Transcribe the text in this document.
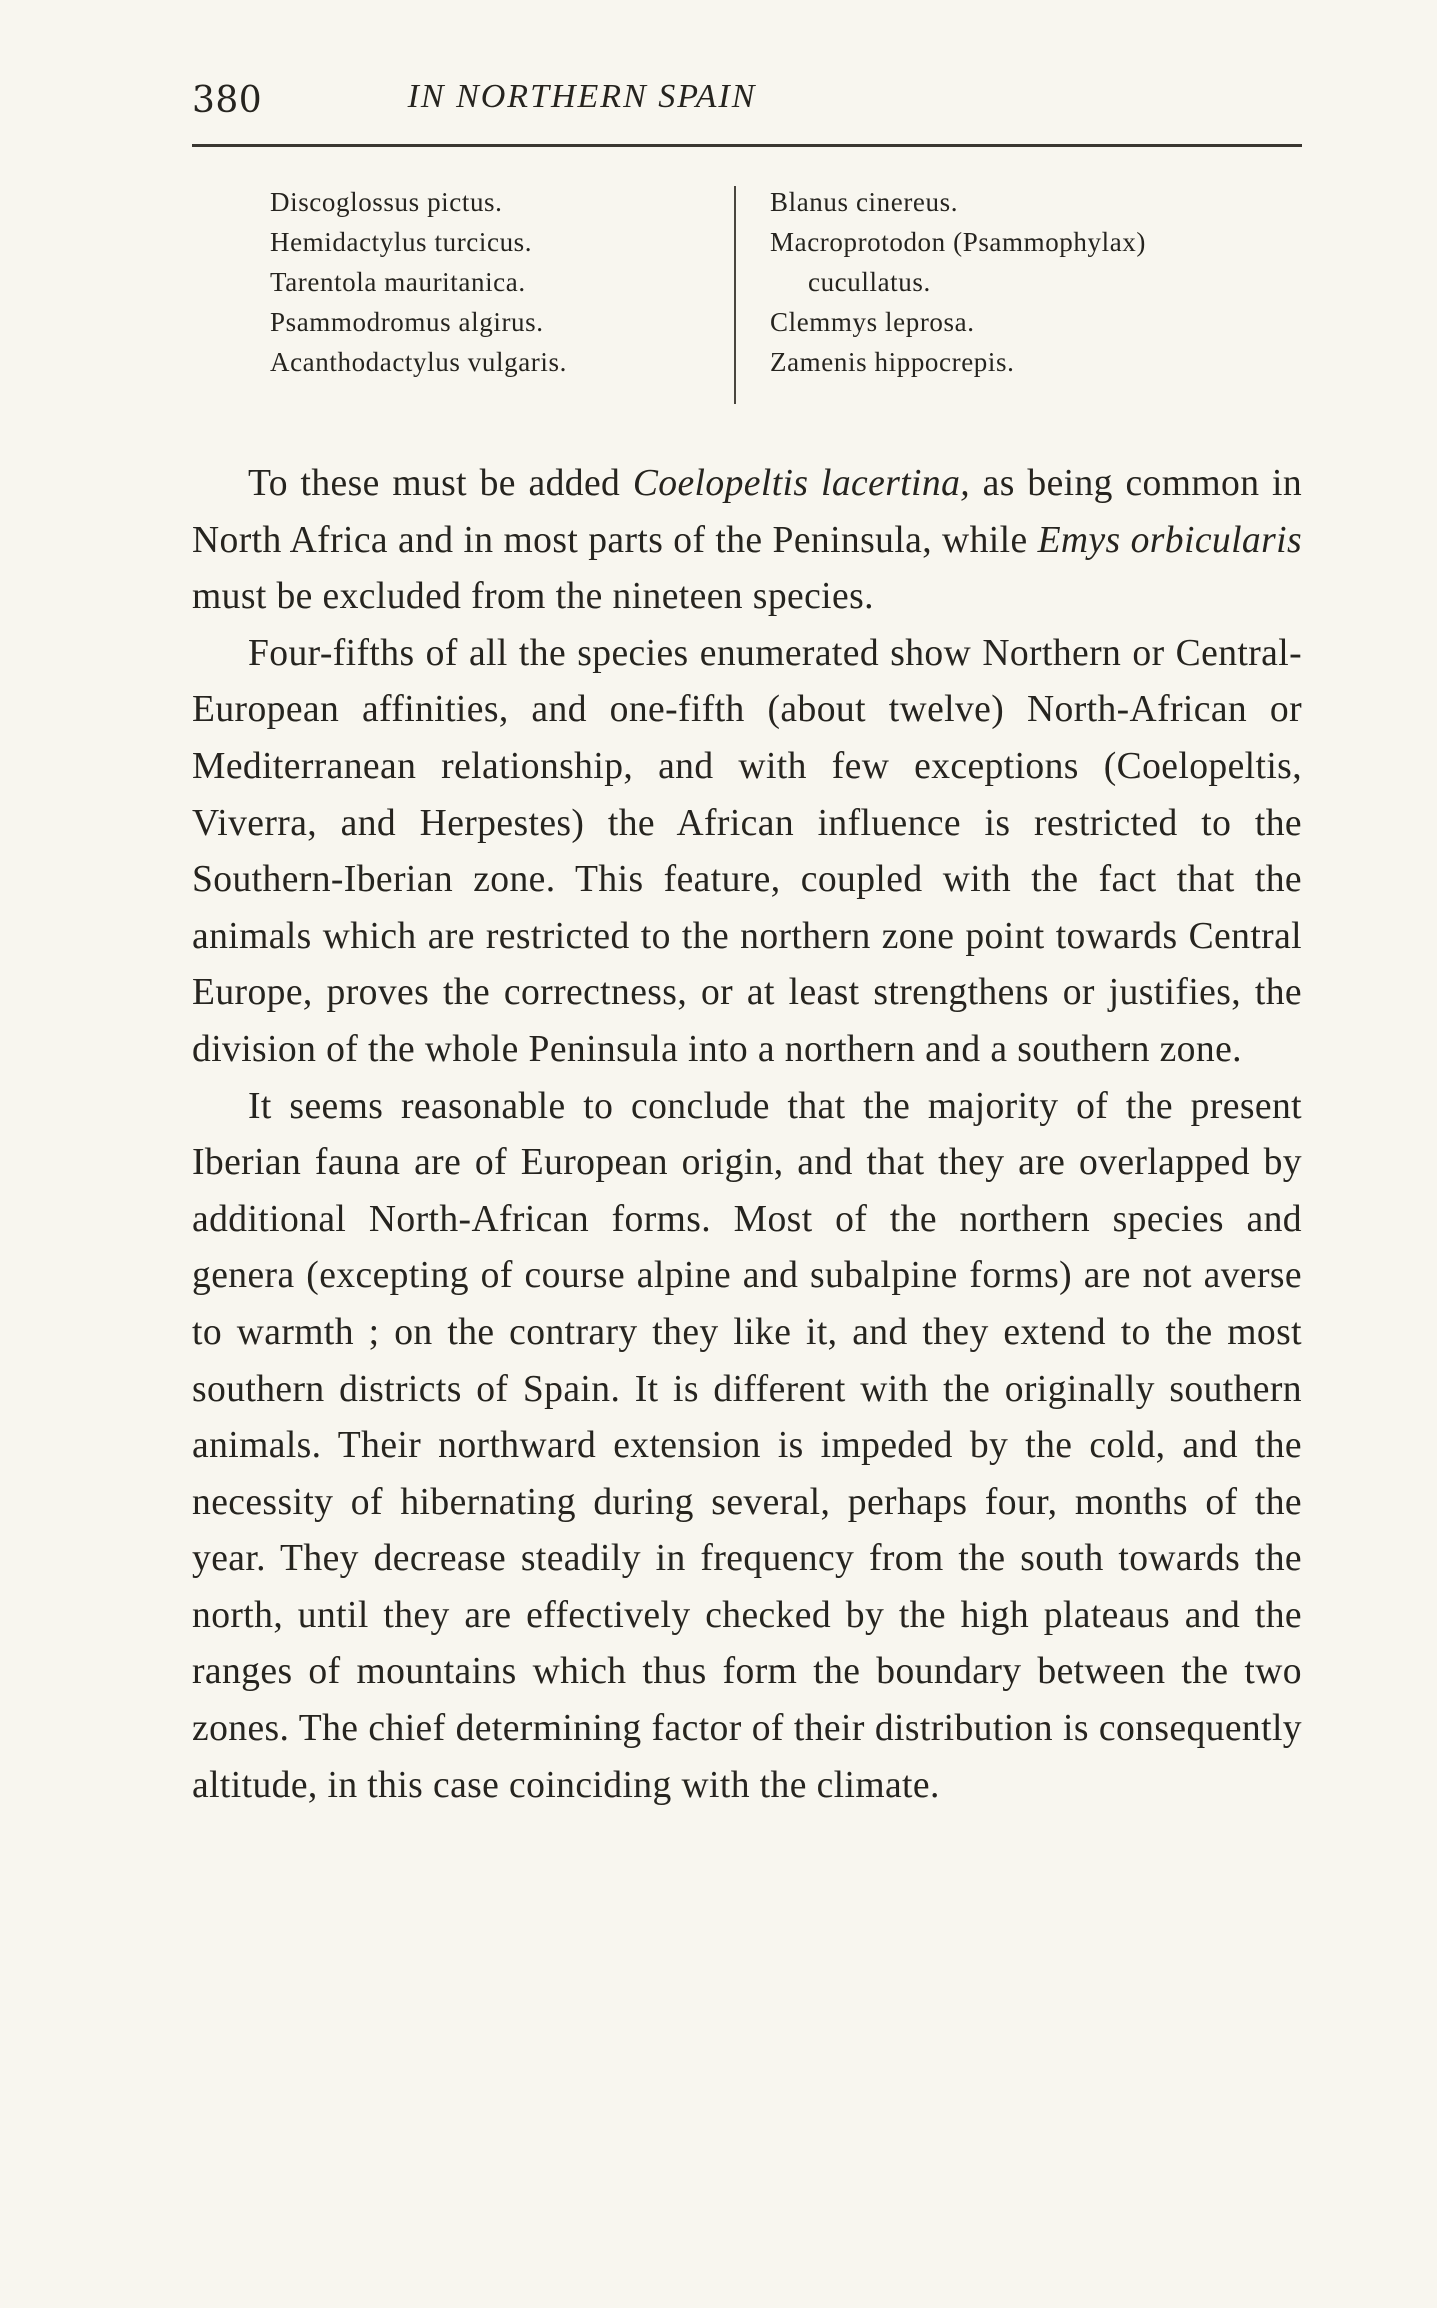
380	IN NORTHERN SPAIN
Discoglossus pictus.
Hemidactylus turcicus.
Tarentola mauritanica.
Psammodromus algirus.
Acanthodactylus vulgaris.
Blanus cinereus.
Macroprotodon (Psammophylax)
cucullatus.
Clemmys leprosa.
Zamenis hippocrepis.

To these must be added Coelopeltis lacertina, as being common in North Africa and in most parts of the Peninsula, while Emys orbicularis must be excluded from the nineteen species.

Four-fifths of all the species enumerated show Northern or Central-European affinities, and one-fifth (about twelve) North-African or Mediterranean relationship, and with few exceptions (Coelopeltis, Viverra, and Herpestes) the African influence is restricted to the Southern-Iberian zone. This feature, coupled with the fact that the animals which are restricted to the northern zone point towards Central Europe, proves the correctness, or at least strengthens or justifies, the division of the whole Peninsula into a northern and a southern zone.

It seems reasonable to conclude that the majority of the present Iberian fauna are of European origin, and that they are overlapped by additional North-African forms. Most of the northern species and genera (excepting of course alpine and subalpine forms) are not averse to warmth ; on the contrary they like it, and they extend to the most southern districts of Spain. It is different with the originally southern animals. Their northward extension is impeded by the cold, and the necessity of hibernating during several, perhaps four, months of the year. They decrease steadily in frequency from the south towards the north, until they are effectively checked by the high plateaus and the ranges of mountains which thus form the boundary between the two zones. The chief determining factor of their distribution is consequently altitude, in this case coinciding with the climate.
